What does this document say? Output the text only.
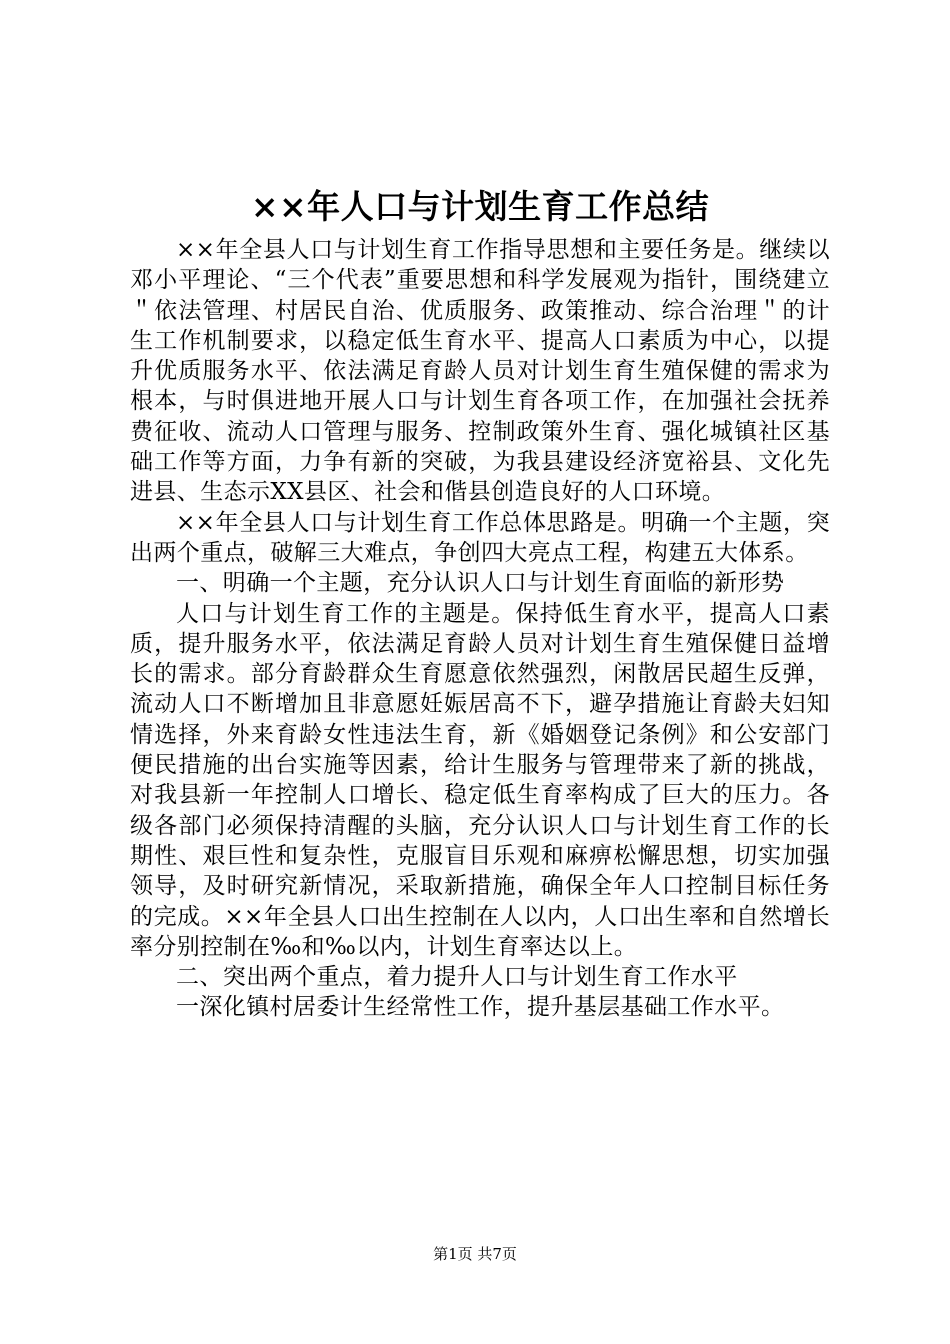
××年人口与计划生育工作总结

××年全县人口与计划生育工作指导思想和主要任务是。继续以邓小平理论、“三个代表”重要思想和科学发展观为指针，围绕建立＂依法管理、村居民自治、优质服务、政策推动、综合治理＂的计生工作机制要求，以稳定低生育水平、提高人口素质为中心，以提升优质服务水平、依法满足育龄人员对计划生育生殖保健的需求为根本，与时俱进地开展人口与计划生育各项工作，在加强社会抚养费征收、流动人口管理与服务、控制政策外生育、强化城镇社区基础工作等方面，力争有新的突破，为我县建设经济宽裕县、文化先进县、生态示XX县区、社会和偕县创造良好的人口环境。

××年全县人口与计划生育工作总体思路是。明确一个主题，突出两个重点，破解三大难点，争创四大亮点工程，构建五大体系。

一、明确一个主题，充分认识人口与计划生育面临的新形势

人口与计划生育工作的主题是。保持低生育水平，提高人口素质，提升服务水平，依法满足育龄人员对计划生育生殖保健日益增长的需求。部分育龄群众生育愿意依然强烈，闲散居民超生反弹，流动人口不断增加且非意愿妊娠居高不下，避孕措施让育龄夫妇知情选择，外来育龄女性违法生育，新《婚姻登记条例》和公安部门便民措施的出台实施等因素，给计生服务与管理带来了新的挑战，对我县新一年控制人口增长、稳定低生育率构成了巨大的压力。各级各部门必须保持清醒的头脑，充分认识人口与计划生育工作的长期性、艰巨性和复杂性，克服盲目乐观和麻痹松懈思想，切实加强领导，及时研究新情况，采取新措施，确保全年人口控制目标任务的完成。××年全县人口出生控制在人以内，人口出生率和自然增长率分别控制在‰和‰以内，计划生育率达以上。

二、突出两个重点，着力提升人口与计划生育工作水平

一深化镇村居委计生经常性工作，提升基层基础工作水平。

第1页 共7页
